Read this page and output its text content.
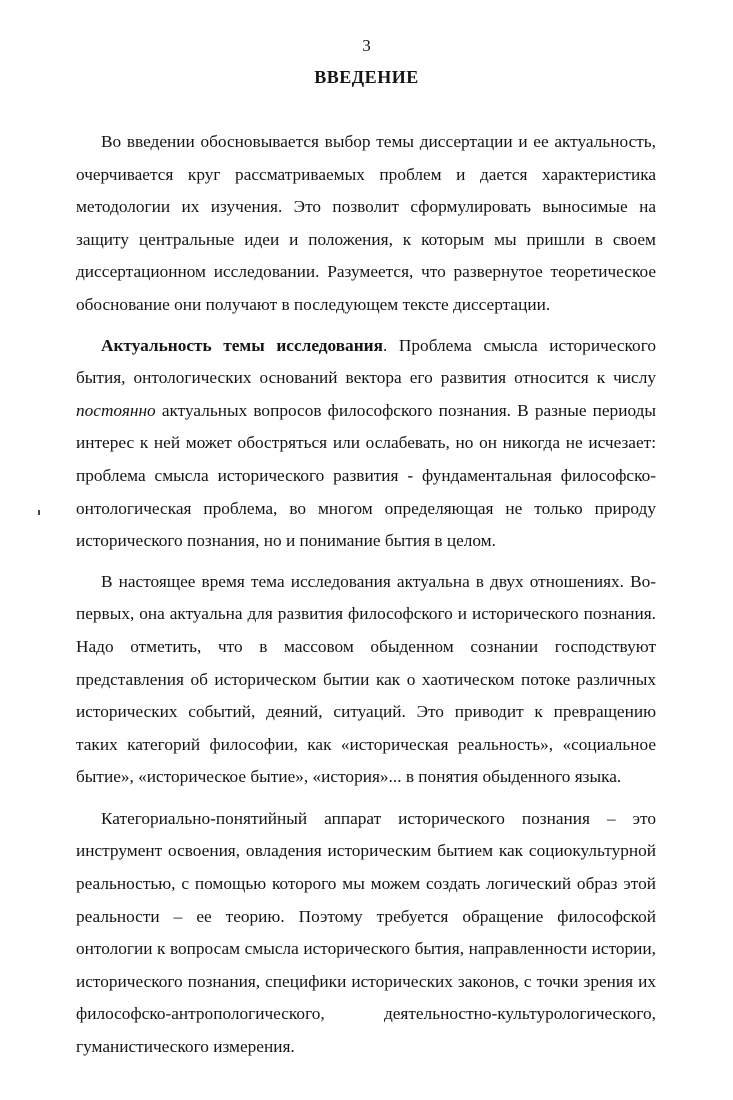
3
ВВЕДЕНИЕ

Во введении обосновывается выбор темы диссертации и ее актуальность, очерчивается круг рассматриваемых проблем и дается характеристика методологии их изучения. Это позволит сформулировать выносимые на защиту центральные идеи и положения, к которым мы пришли в своем диссертационном исследовании. Разумеется, что развернутое теоретическое обоснование они получают в последующем тексте диссертации.

Актуальность темы исследования. Проблема смысла исторического бытия, онтологических оснований вектора его развития относится к числу постоянно актуальных вопросов философского познания. В разные периоды интерес к ней может обостряться или ослабевать, но он никогда не исчезает: проблема смысла исторического развития - фундаментальная философско-онтологическая проблема, во многом определяющая не только природу исторического познания, но и понимание бытия в целом.

В настоящее время тема исследования актуальна в двух отношениях. Во-первых, она актуальна для развития философского и исторического познания. Надо отметить, что в массовом обыденном сознании господствуют представления об историческом бытии как о хаотическом потоке различных исторических событий, деяний, ситуаций. Это приводит к превращению таких категорий философии, как «историческая реальность», «социальное бытие», «историческое бытие», «история»... в понятия обыденного языка.

Категориально-понятийный аппарат исторического познания – это инструмент освоения, овладения историческим бытием как социокультурной реальностью, с помощью которого мы можем создать логический образ этой реальности – ее теорию. Поэтому требуется обращение философской онтологии к вопросам смысла исторического бытия, направленности истории, исторического познания, специфики исторических законов, с точки зрения их философско-антропологического, деятельностно-культурологического, гуманистического измерения.
